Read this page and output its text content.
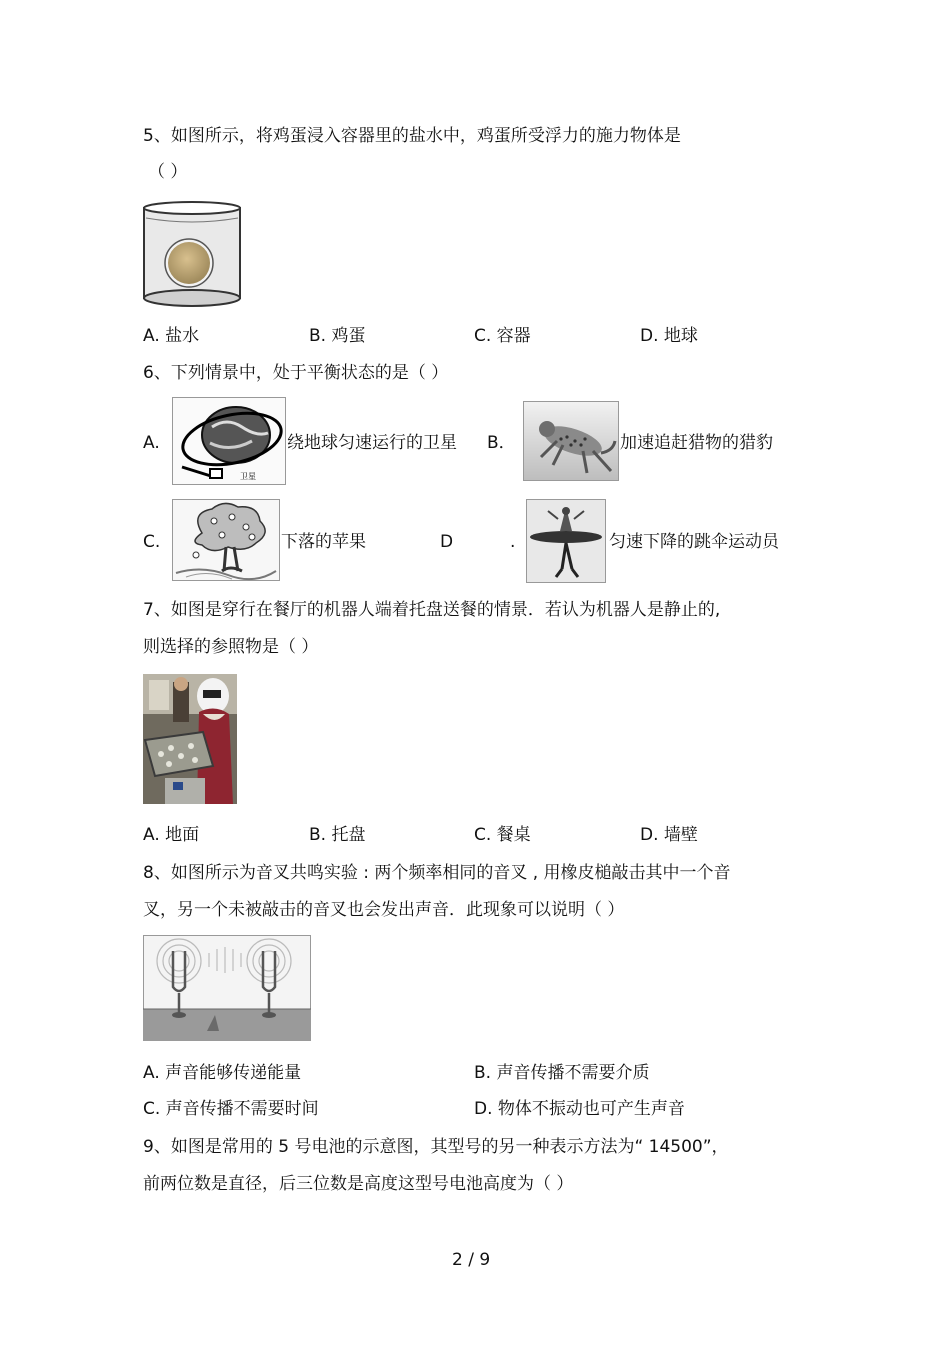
5、如图所示，将鸡蛋浸入容器里的盐水中，鸡蛋所受浮力的施力物体是
（ ）
A. 盐水	B. 鸡蛋	C. 容器	D. 地球
6、下列情景中，处于平衡状态的是（ ）
A.
卫星
绕地球匀速运行的卫星 B．	加速追赶猎物的猎豹
C.	下落的苹果	D	.	匀速下降的跳伞运动员
7、如图是穿行在餐厅的机器人端着托盘送餐的情景．若认为机器人是静止的,
则选择的参照物是（ ）
A. 地面	B. 托盘	C. 餐桌	D. 墙壁
8、如图所示为音叉共鸣实验 : 两个频率相同的音叉 , 用橡皮槌敲击其中一个音
叉，另一个未被敲击的音叉也会发出声音．此现象可以说明（ ）
A. 声音能够传递能量	B. 声音传播不需要介质
C. 声音传播不需要时间	D. 物体不振动也可产生声音
9、如图是常用的 5 号电池的示意图，其型号的另一种表示方法为“ 14500”，
前两位数是直径，后三位数是高度这型号电池高度为（ ）
2 / 9
